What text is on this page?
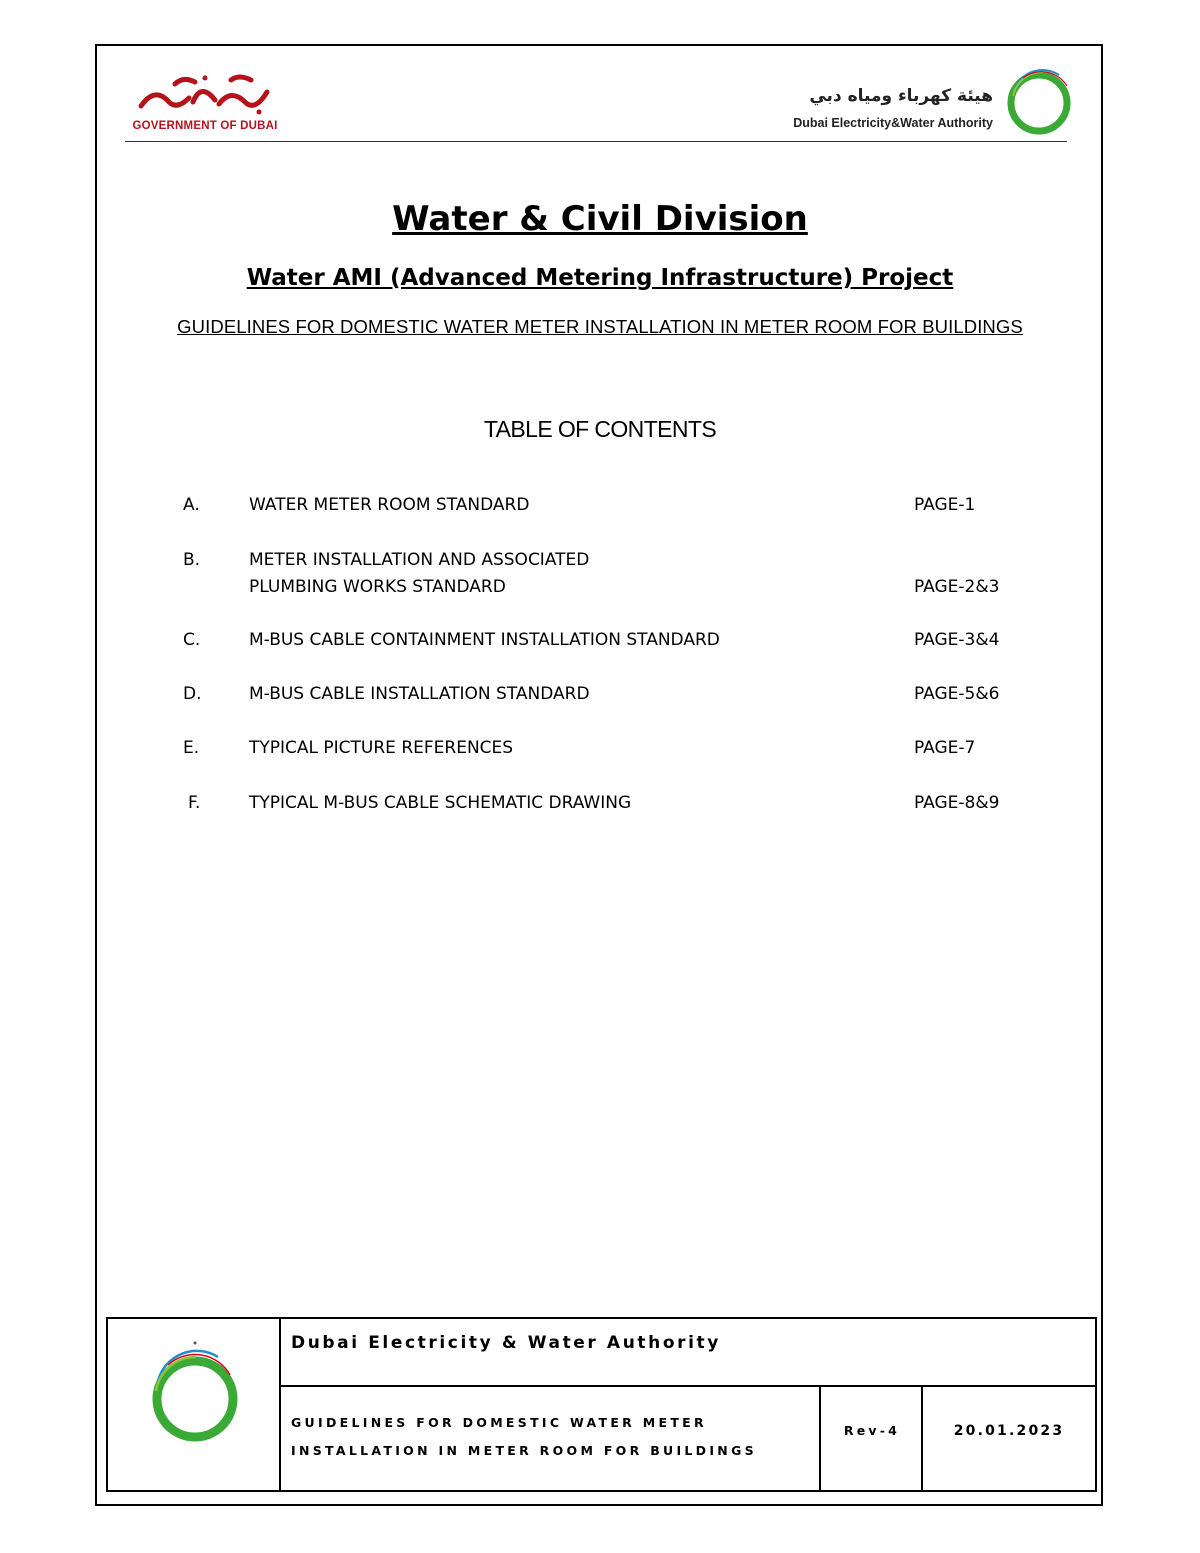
GOVERNMENT OF DUBAI
هيئة كهرباء ومياه دبي
Dubai Electricity&Water Authority
Water & Civil Division
Water AMI (Advanced Metering Infrastructure) Project
GUIDELINES FOR DOMESTIC WATER METER INSTALLATION IN METER ROOM FOR BUILDINGS
TABLE OF CONTENTS
A.	WATER METER ROOM STANDARD	PAGE-1
B.	METER INSTALLATION AND ASSOCIATED
PLUMBING WORKS STANDARD	PAGE-2&3
C.	M-BUS CABLE CONTAINMENT INSTALLATION STANDARD	PAGE-3&4
D.	M-BUS CABLE INSTALLATION STANDARD	PAGE-5&6
E.	TYPICAL PICTURE REFERENCES	PAGE-7
F.	TYPICAL M-BUS CABLE SCHEMATIC DRAWING	PAGE-8&9
Dubai Electricity & Water Authority
GUIDELINES FOR DOMESTIC WATER METER INSTALLATION IN METER ROOM FOR BUILDINGS
Rev-4	20.01.2023
